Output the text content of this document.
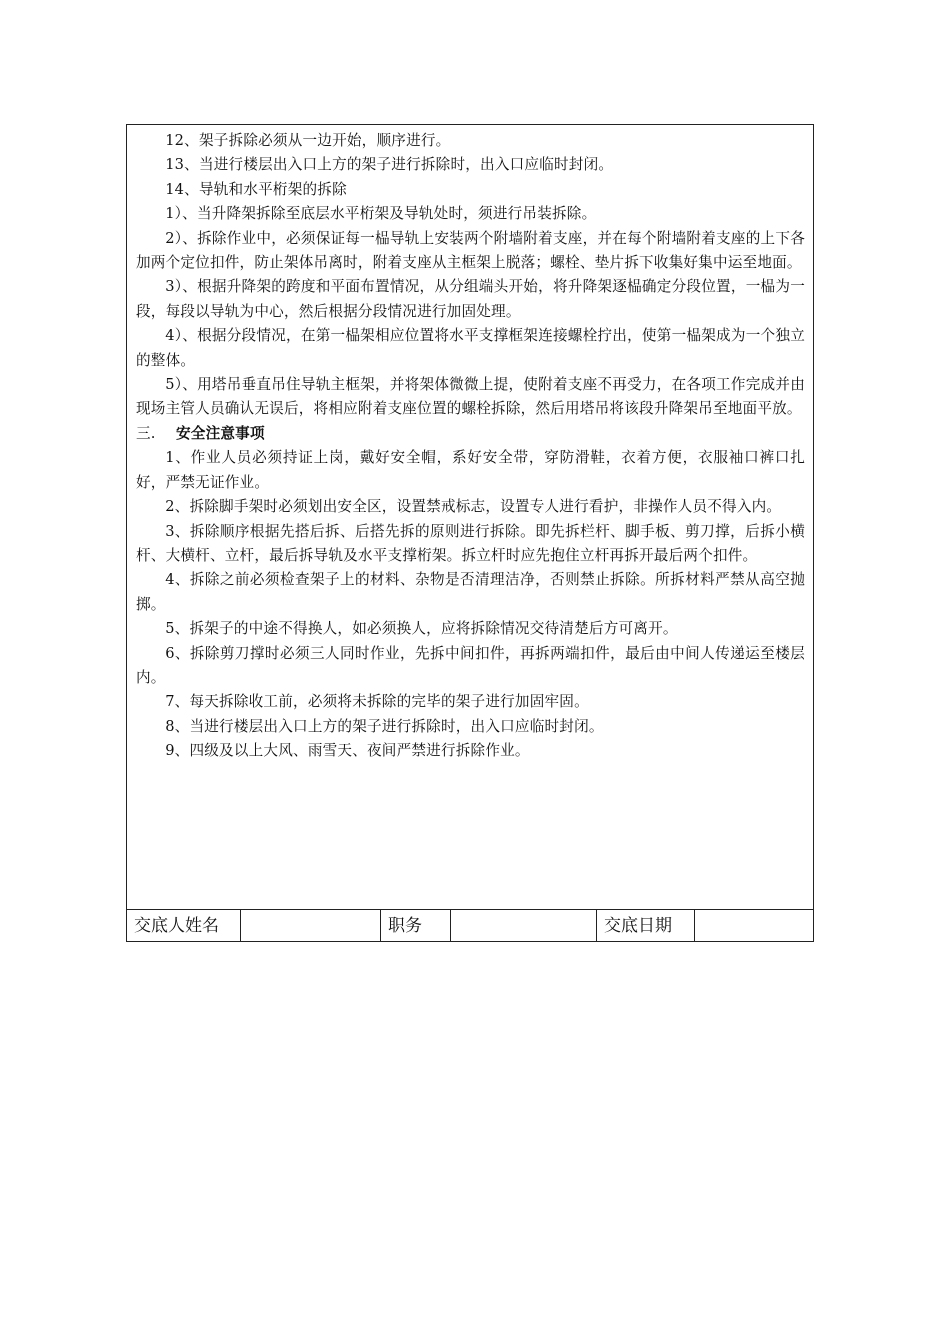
12、架子拆除必须从一边开始，顺序进行。

13、当进行楼层出入口上方的架子进行拆除时，出入口应临时封闭。

14、导轨和水平桁架的拆除

1）、当升降架拆除至底层水平桁架及导轨处时，须进行吊装拆除。

2）、拆除作业中，必须保证每一榀导轨上安装两个附墙附着支座，并在每个附墙附着支座的上下各加两个定位扣件，防止架体吊离时，附着支座从主框架上脱落；螺栓、垫片拆下收集好集中运至地面。

3）、根据升降架的跨度和平面布置情况，从分组端头开始，将升降架逐榀确定分段位置，一榀为一段，每段以导轨为中心，然后根据分段情况进行加固处理。

4）、根据分段情况，在第一榀架相应位置将水平支撑框架连接螺栓拧出，使第一榀架成为一个独立的整体。

5）、用塔吊垂直吊住导轨主框架，并将架体微微上提，使附着支座不再受力，在各项工作完成并由现场主管人员确认无误后，将相应附着支座位置的螺栓拆除，然后用塔吊将该段升降架吊至地面平放。

三. 安全注意事项

1、作业人员必须持证上岗，戴好安全帽，系好安全带，穿防滑鞋，衣着方便，衣服袖口裤口扎好，严禁无证作业。

2、拆除脚手架时必须划出安全区，设置禁戒标志，设置专人进行看护，非操作人员不得入内。

3、拆除顺序根据先搭后拆、后搭先拆的原则进行拆除。即先拆栏杆、脚手板、剪刀撑，后拆小横杆、大横杆、立杆，最后拆导轨及水平支撑桁架。拆立杆时应先抱住立杆再拆开最后两个扣件。

4、拆除之前必须检查架子上的材料、杂物是否清理洁净，否则禁止拆除。所拆材料严禁从高空抛掷。

5、拆架子的中途不得换人，如必须换人，应将拆除情况交待清楚后方可离开。

6、拆除剪刀撑时必须三人同时作业，先拆中间扣件，再拆两端扣件，最后由中间人传递运至楼层内。

7、每天拆除收工前，必须将未拆除的完毕的架子进行加固牢固。

8、当进行楼层出入口上方的架子进行拆除时，出入口应临时封闭。

9、四级及以上大风、雨雪天、夜间严禁进行拆除作业。

交底人姓名	职务	交底日期
